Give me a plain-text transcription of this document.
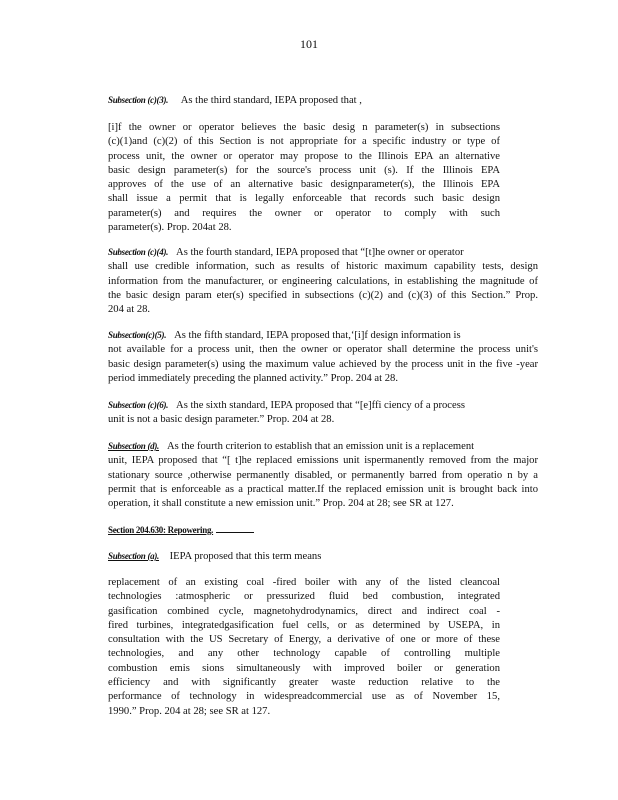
101
Subsection (c)(3). As the third standard, IEPA proposed that ,
[i]f the owner or operator believes the basic desig n parameter(s) in subsections
(c)(1)and (c)(2) of this Section is not appropriate for a specific industry or type of
process unit, the owner or operator may propose to the Illinois EPA an alternative
basic design parameter(s) for the source's process unit (s). If the Illinois EPA
approves of the use of an alternative basic designparameter(s), the Illinois EPA
shall issue a permit that is legally enforceable that records such basic design
parameter(s) and requires the owner or operator to comply with such
parameter(s). Prop. 204at 28.
Subsection (c)(4). As the fourth standard, IEPA proposed that “[t]he owner or operator
shall use credible information, such as results of historic maximum capability tests, design
information from the manufacturer, or engineering calculations, in establishing the magnitude of
the basic design param eter(s) specified in subsections (c)(2) and (c)(3) of this Section.” Prop.
204 at 28.
Subsection(c)(5). As the fifth standard, IEPA proposed that,‘[i]f design information is
not available for a process unit, then the owner or operator shall determine the process unit's
basic design parameter(s) using the maximum value achieved by the process unit in the five -year
period immediately preceding the planned activity.” Prop. 204 at 28.
Subsection (c)(6). As the sixth standard, IEPA proposed that “[e]ffi ciency of a process
unit is not a basic design parameter.” Prop. 204 at 28.
Subsection (d). As the fourth criterion to establish that an emission unit is a replacement
unit, IEPA proposed that “[ t]he replaced emissions unit ispermanently removed from the major
stationary source ,otherwise permanently disabled, or permanently barred from operatio n by a
permit that is enforceable as a practical matter.If the replaced emission unit is brought back into
operation, it shall constitute a new emission unit.” Prop. 204 at 28; see SR at 127.
Section 204.630: Repowering.
Subsection (a). IEPA proposed that this term means
replacement of an existing coal -fired boiler with any of the listed cleancoal
technologies :atmospheric or pressurized fluid bed combustion, integrated
gasification combined cycle, magnetohydrodynamics, direct and indirect coal -
fired turbines, integratedgasification fuel cells, or as determined by USEPA, in
consultation with the US Secretary of Energy, a derivative of one or more of these
technologies, and any other technology capable of controlling multiple
combustion emis sions simultaneously with improved boiler or generation
efficiency and with significantly greater waste reduction relative to the
performance of technology in widespreadcommercial use as of November 15,
1990.” Prop. 204 at 28; see SR at 127.
